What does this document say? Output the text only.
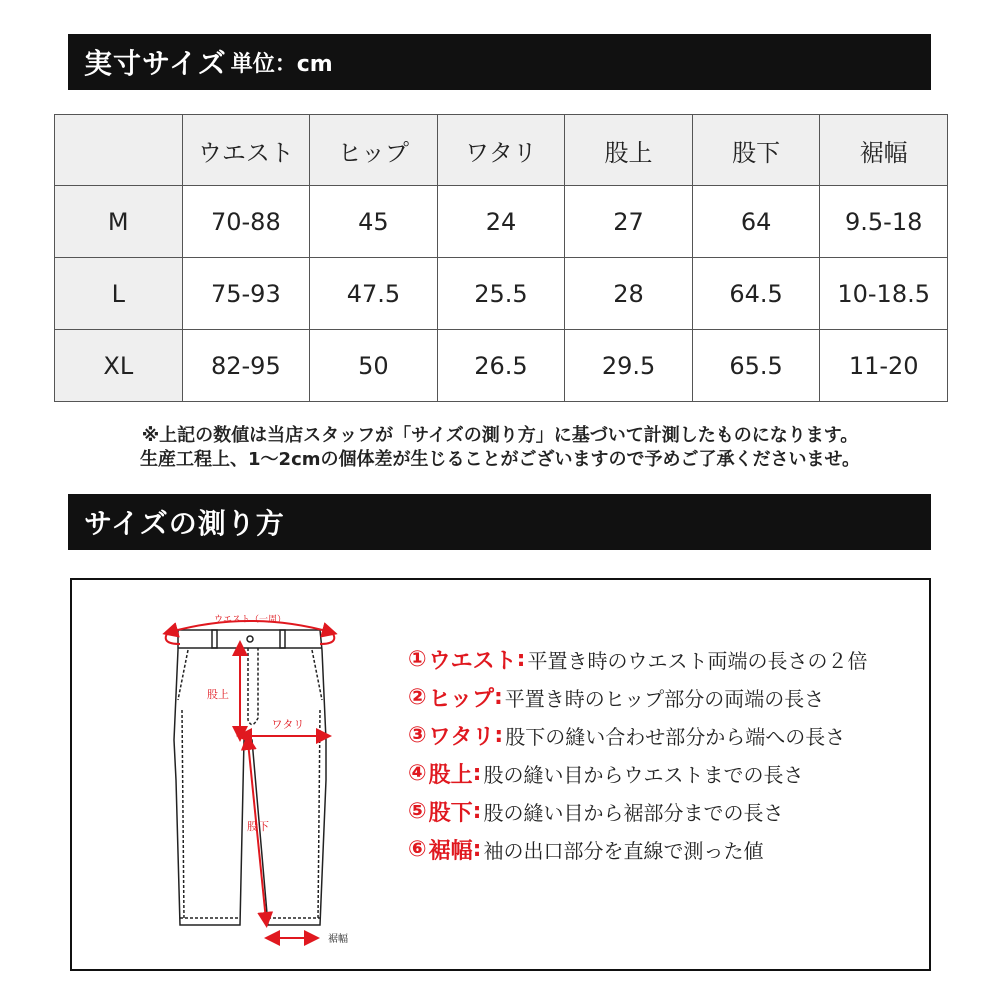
実寸サイズ 単位：cm
	ウエスト	ヒップ	ワタリ	股上	股下	裾幅
M	70-88	45	24	27	64	9.5-18
L	75-93	47.5	25.5	28	64.5	10-18.5
XL	82-95	50	26.5	29.5	65.5	11-20
※上記の数値は当店スタッフが「サイズの測り方」に基づいて計測したものになります。
生産工程上、1〜2cmの個体差が生じることがございますので予めご了承くださいませ。
サイズの測り方
ウエスト（一周）
股上
ワタリ
股下
裾幅
① ウエスト : 平置き時のウエスト両端の長さの２倍
② ヒップ : 平置き時のヒップ部分の両端の長さ
③ ワタリ : 股下の縫い合わせ部分から端への長さ
④ 股上 : 股の縫い目からウエストまでの長さ
⑤ 股下 : 股の縫い目から裾部分までの長さ
⑥ 裾幅 : 袖の出口部分を直線で測った値
